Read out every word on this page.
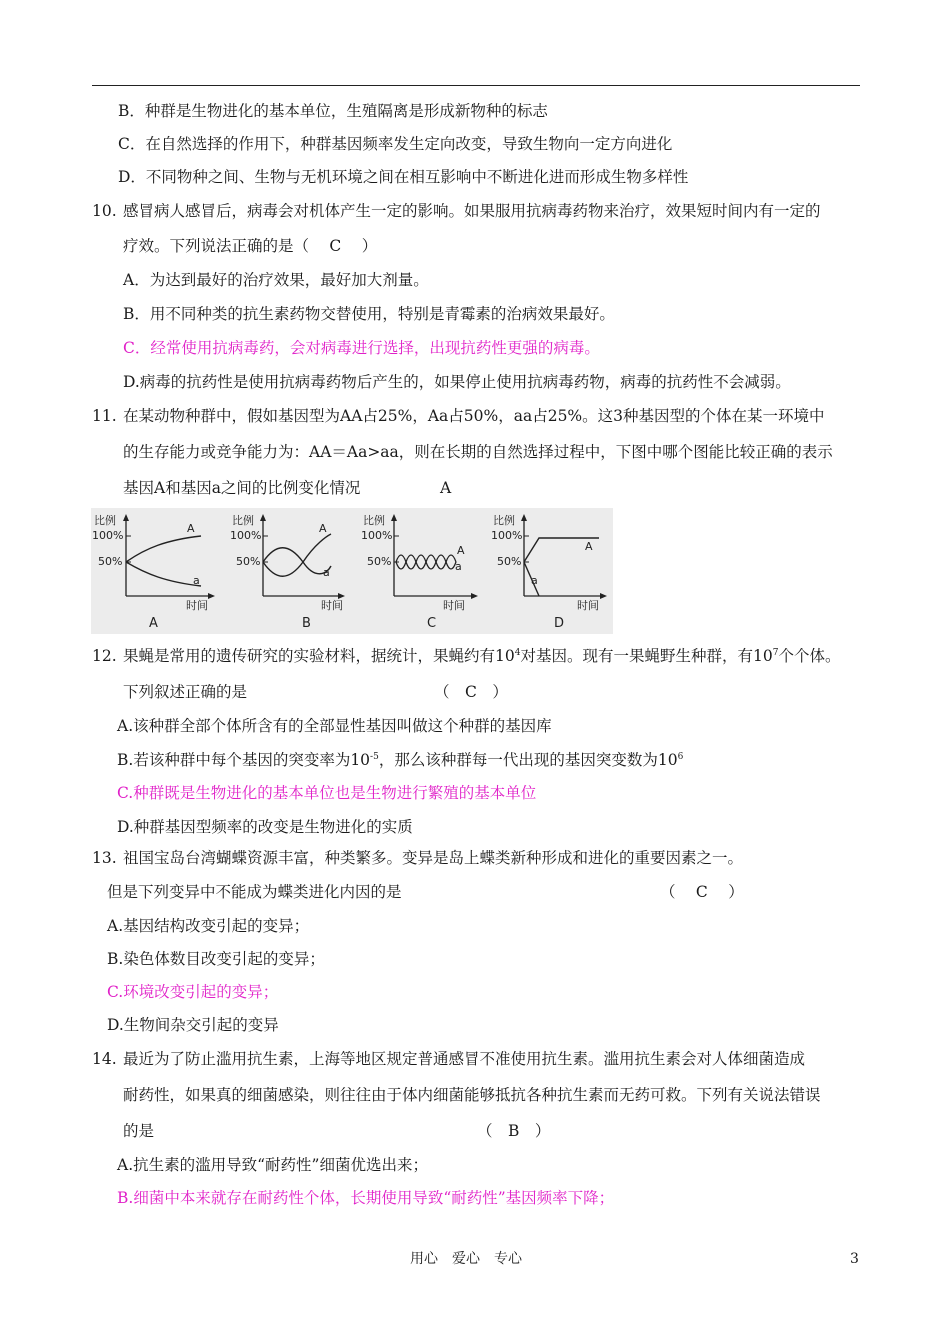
B．种群是生物进化的基本单位，生殖隔离是形成新物种的标志
C．在自然选择的作用下，种群基因频率发生定向改变，导致生物向一定方向进化
D．不同物种之间、生物与无机环境之间在相互影响中不断进化进而形成生物多样性
10. 感冒病人感冒后，病毒会对机体产生一定的影响。如果服用抗病毒药物来治疗，效果短时间内有一定的
疗效。下列说法正确的是（　 C　 ）
A．为达到最好的治疗效果，最好加大剂量。
B．用不同种类的抗生素药物交替使用，特别是青霉素的治病效果最好。
C．经常使用抗病毒药，会对病毒进行选择，出现抗药性更强的病毒。
D.病毒的抗药性是使用抗病毒药物后产生的，如果停止使用抗病毒药物，病毒的抗药性不会减弱。
11. 在某动物种群中，假如基因型为AA占25%，Aa占50%，aa占25%。这3种基因型的个体在某一环境中
的生存能力或竞争能力为：AA＝Aa>aa，则在长期的自然选择过程中，下图中哪个图能比较正确的表示
基因A和基因a之间的比例变化情况	A
比例
100%
50%
A
a
时间
A
比例
100%
50%
A
a
时间
B
比例
100%
50%
A
a
时间
C
比例
100%
50%
A
a
时间
D
12. 果蝇是常用的遗传研究的实验材料，据统计，果蝇约有$10^4$对基因。现有一果蝇野生种群，有$10^7$个个体。
下列叙述正确的是	（　C　）
A.该种群全部个体所含有的全部显性基因叫做这个种群的基因库
B.若该种群中每个基因的突变率为$10^{-5}$，那么该种群每一代出现的基因突变数为$10^6$
C.种群既是生物进化的基本单位也是生物进行繁殖的基本单位
D.种群基因型频率的改变是生物进化的实质
13. 祖国宝岛台湾蝴蝶资源丰富，种类繁多。变异是岛上蝶类新种形成和进化的重要因素之一。
但是下列变异中不能成为蝶类进化内因的是	（　 C　 ）
A.基因结构改变引起的变异；
B.染色体数目改变引起的变异；
C.环境改变引起的变异；
D.生物间杂交引起的变异
14. 最近为了防止滥用抗生素，上海等地区规定普通感冒不准使用抗生素。滥用抗生素会对人体细菌造成
耐药性，如果真的细菌感染，则往往由于体内细菌能够抵抗各种抗生素而无药可救。下列有关说法错误
的是	（　B　）
A.抗生素的滥用导致“耐药性”细菌优选出来；
B.细菌中本来就存在耐药性个体，长期使用导致“耐药性”基因频率下降；
用心　爱心　专心	3
